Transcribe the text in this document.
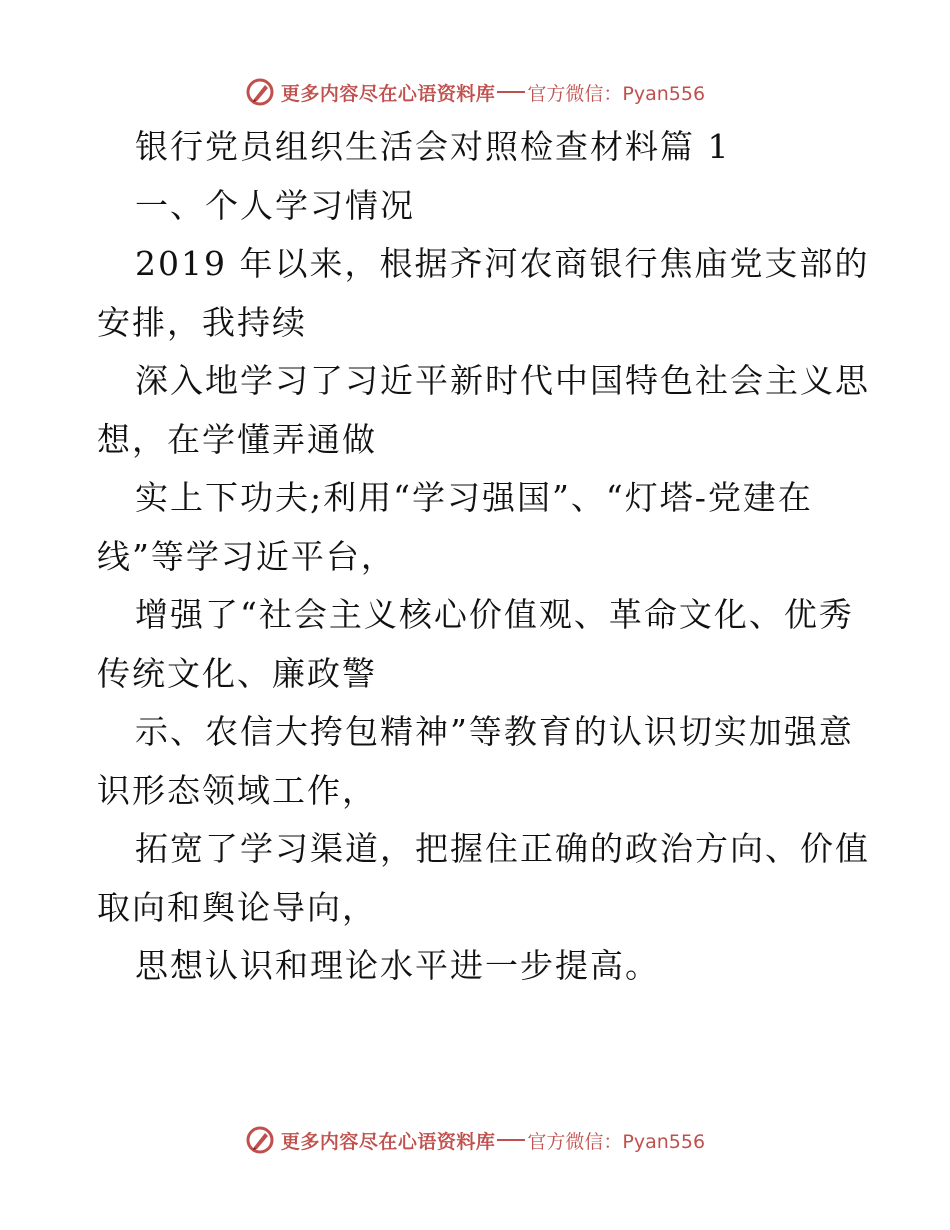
更多内容尽在心语资料库 官方微信：Pyan556
银行党员组织生活会对照检查材料篇 1
一、个人学习情况
2019 年以来，根据齐河农商银行焦庙党支部的
安排，我持续
深入地学习了习近平新时代中国特色社会主义思
想，在学懂弄通做
实上下功夫;利用“学习强国”、“灯塔-党建在
线”等学习近平台，
增强了“社会主义核心价值观、革命文化、优秀
传统文化、廉政警
示、农信大挎包精神”等教育的认识切实加强意
识形态领域工作，
拓宽了学习渠道，把握住正确的政治方向、价值
取向和舆论导向，
思想认识和理论水平进一步提高。
更多内容尽在心语资料库 官方微信：Pyan556
